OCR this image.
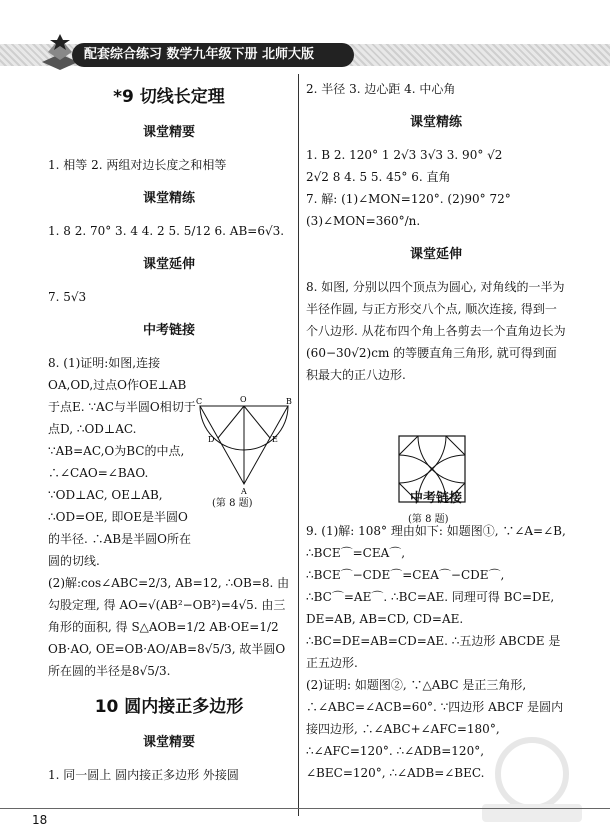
配套综合练习 数学九年级下册 北师大版
*9 切线长定理
课堂精要

1. 相等 2. 两组对边长度之和相等

课堂精练

1. 8 2. 70° 3. 4 4. 2 5. 5/12 6. AB=6√3.

课堂延伸

7. 5√3

中考链接

8. (1)证明:如图,连接OA,OD,过点O作OE⊥AB于点E. ∵AC与半圆O相切于点D, ∴OD⊥AC. ∵AB=AC,O为BC的中点, ∴∠CAO=∠BAO. ∵OD⊥AC, OE⊥AB, ∴OD=OE, 即OE是半圆O的半径. ∴AB是半圆O所在圆的切线.

(2)解:cos∠ABC=2/3, AB=12, ∴OB=8. 由勾股定理, 得 AO=√(AB²−OB²)=4√5. 由三角形的面积, 得 S△AOB=1/2 AB·OE=1/2 OB·AO, OE=OB·AO/AB=8√5/3, 故半圆O所在圆的半径是8√5/3.

10 圆内接正多边形
课堂精要

1. 同一圆上 圆内接正多边形 外接圆

C	O	B
D	E
A
(第 8 题)

2. 半径 3. 边心距 4. 中心角

课堂精练

1. B 2. 120° 1 2√3 3√3 3. 90° √2

2√2 8 4. 5 5. 45° 6. 直角

7. 解: (1)∠MON=120°. (2)90° 72°

(3)∠MON=360°/n.

课堂延伸

8. 如图, 分别以四个顶点为圆心, 对角线的一半为半径作圆, 与正方形交八个点, 顺次连接, 得到一个八边形. 从花布四个角上各剪去一个直角边长为(60−30√2)cm 的等腰直角三角形, 就可得到面积最大的正八边形.

中考链接

9. (1)解: 108° 理由如下: 如题图①, ∵∠A=∠B, ∴BCE⌒=CEA⌒, ∴BCE⌒−CDE⌒=CEA⌒−CDE⌒, ∴BC⌒=AE⌒. ∴BC=AE. 同理可得 BC=DE, DE=AB, AB=CD, CD=AE. ∴BC=DE=AB=CD=AE. ∴五边形 ABCDE 是正五边形.

(2)证明: 如题图②, ∵△ABC 是正三角形, ∴∠ABC=∠ACB=60°. ∵四边形 ABCF 是圆内接四边形, ∴∠ABC+∠AFC=180°, ∴∠AFC=120°. ∴∠ADB=120°, ∠BEC=120°, ∴∠ADB=∠BEC.

(第 8 题)
18
